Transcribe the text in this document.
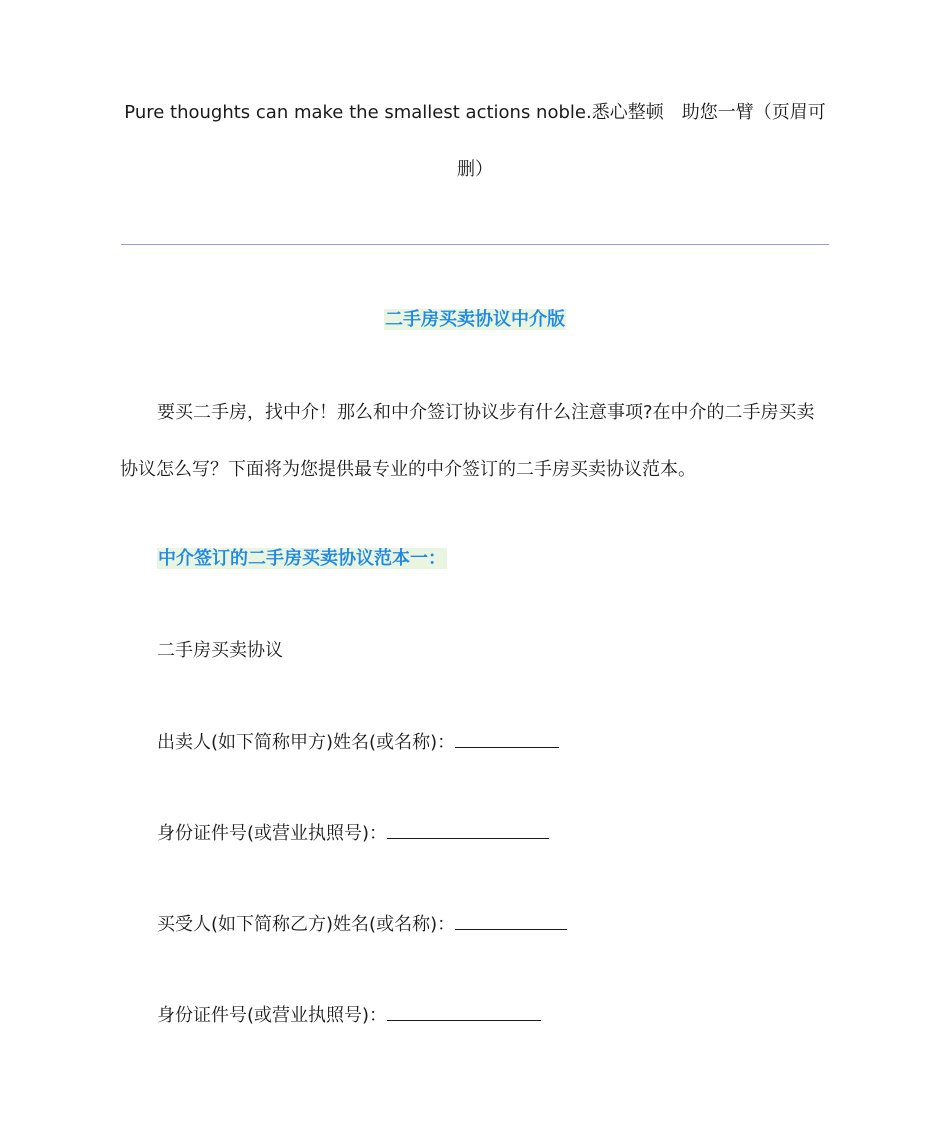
Pure thoughts can make the smallest actions noble.悉心整顿　助您一臂（页眉可删）
二手房买卖协议中介版
要买二手房，找中介！那么和中介签订协议步有什么注意事项?在中介的二手房买卖协议怎么写？下面将为您提供最专业的中介签订的二手房买卖协议范本。
中介签订的二手房买卖协议范本一：
二手房买卖协议
出卖人(如下简称甲方)姓名(或名称)：
身份证件号(或营业执照号)：
买受人(如下简称乙方)姓名(或名称)：
身份证件号(或营业执照号)：
